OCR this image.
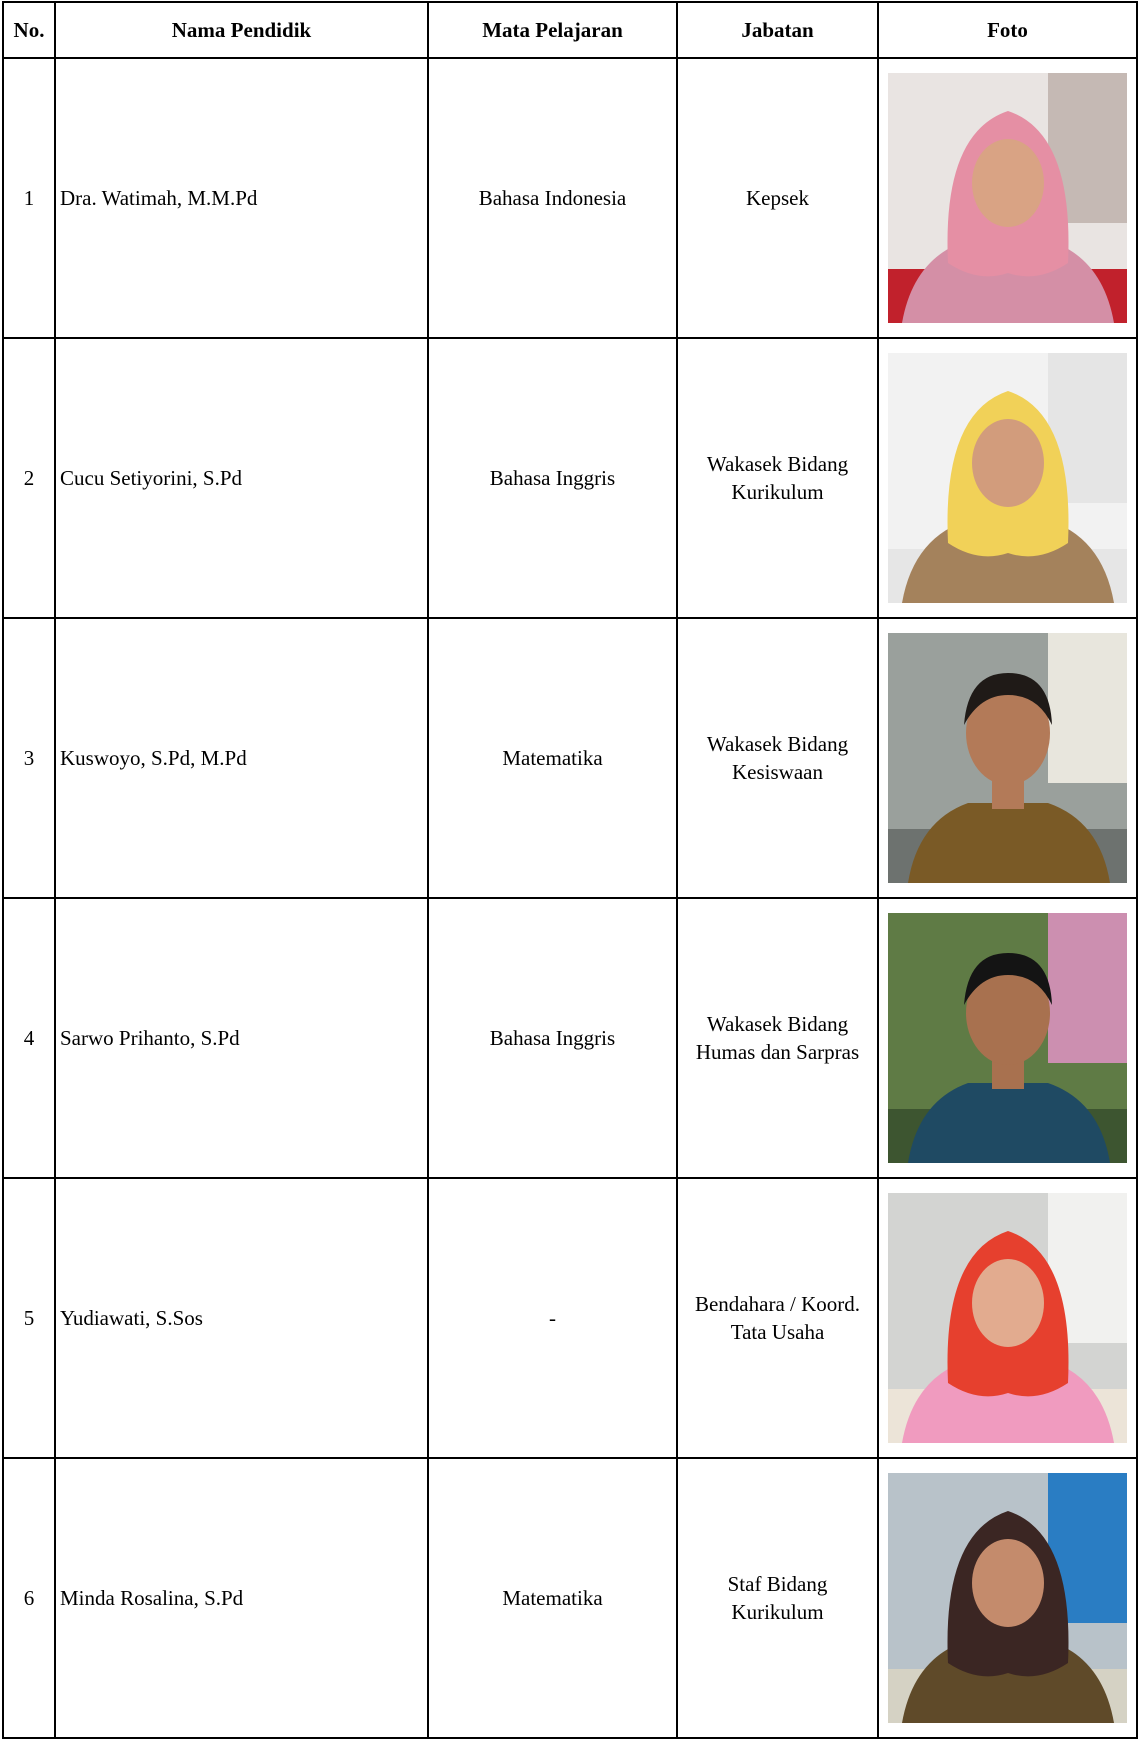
No.	Nama Pendidik	Mata Pelajaran	Jabatan	Foto
1	Dra. Watimah, M.M.Pd	Bahasa Indonesia	Kepsek

2	Cucu Setiyorini, S.Pd	Bahasa Inggris	Wakasek Bidang
Kurikulum

3	Kuswoyo, S.Pd, M.Pd	Matematika	Wakasek Bidang
Kesiswaan

4	Sarwo Prihanto, S.Pd	Bahasa Inggris	Wakasek Bidang
Humas dan Sarpras

5	Yudiawati, S.Sos	-	Bendahara / Koord.
Tata Usaha

6	Minda Rosalina, S.Pd	Matematika	Staf Bidang
Kurikulum
